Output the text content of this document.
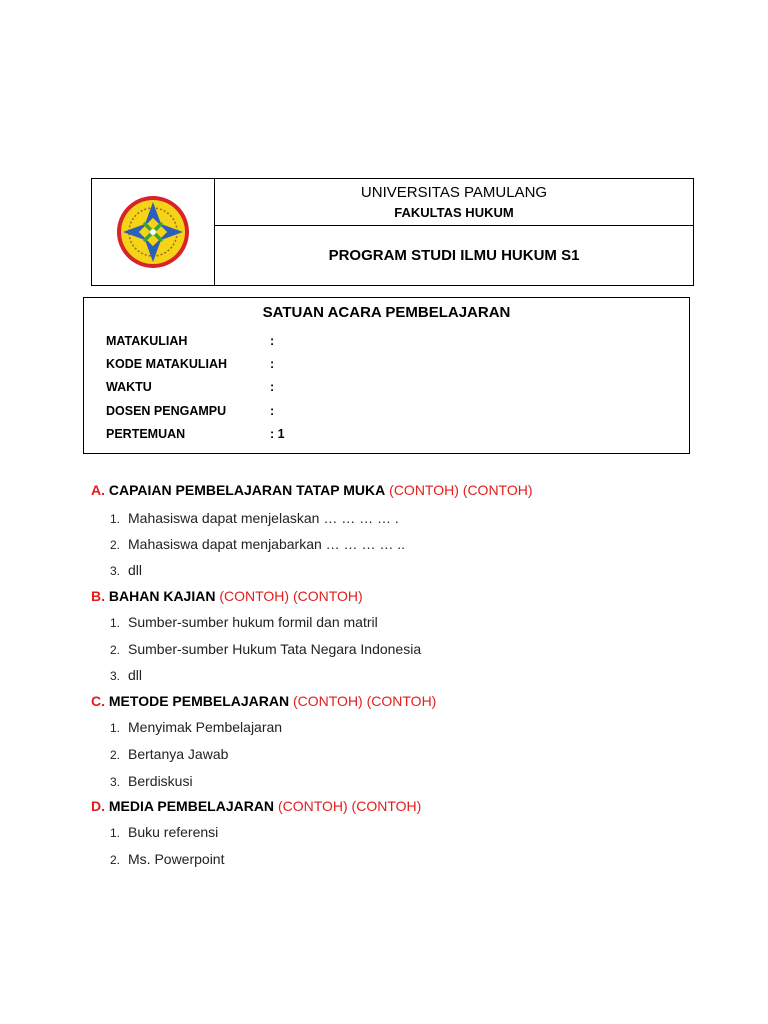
UNIVERSITAS PAMULANG
FAKULTAS HUKUM
PROGRAM STUDI ILMU HUKUM S1
SATUAN ACARA PEMBELAJARAN
MATAKULIAH	:
KODE MATAKULIAH	:
WAKTU	:
DOSEN PENGAMPU	:
PERTEMUAN	: 1
A. CAPAIAN PEMBELAJARAN TATAP MUKA (CONTOH) (CONTOH)
1. Mahasiswa dapat menjelaskan … … … … .
2. Mahasiswa dapat menjabarkan … … … … ..
3. dll
B. BAHAN KAJIAN (CONTOH) (CONTOH)
1. Sumber-sumber hukum formil dan matril
2. Sumber-sumber Hukum Tata Negara Indonesia
3. dll
C. METODE PEMBELAJARAN (CONTOH) (CONTOH)
1. Menyimak Pembelajaran
2. Bertanya Jawab
3. Berdiskusi
D. MEDIA PEMBELAJARAN (CONTOH) (CONTOH)
1. Buku referensi
2. Ms. Powerpoint
